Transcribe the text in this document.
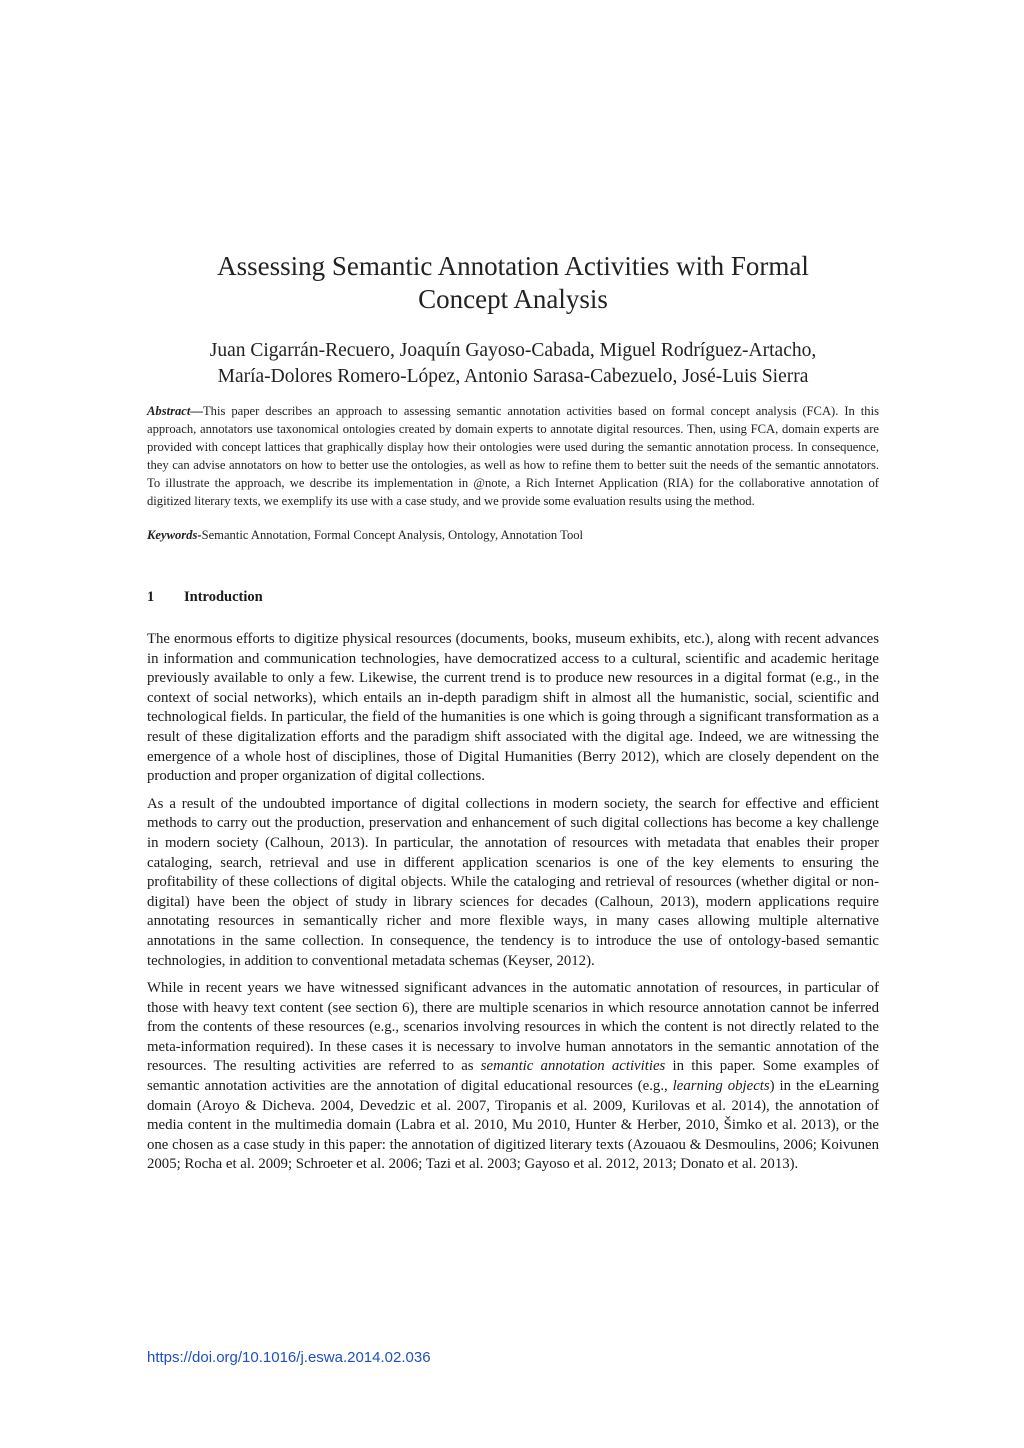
Assessing Semantic Annotation Activities with Formal
Concept Analysis
Juan Cigarrán-Recuero, Joaquín Gayoso-Cabada, Miguel Rodríguez-Artacho,
María-Dolores Romero-López, Antonio Sarasa-Cabezuelo, José-Luis Sierra

Abstract—This paper describes an approach to assessing semantic annotation activities based on formal concept analysis (FCA). In this approach, annotators use taxonomical ontologies created by domain experts to annotate digital resources. Then, using FCA, domain experts are provided with concept lattices that graphically display how their ontologies were used during the semantic annotation process. In consequence, they can advise annotators on how to better use the ontologies, as well as how to refine them to better suit the needs of the semantic annotators. To illustrate the approach, we describe its implementation in @note, a Rich Internet Application (RIA) for the collaborative annotation of digitized literary texts, we exemplify its use with a case study, and we provide some evaluation results using the method.

Keywords-Semantic Annotation, Formal Concept Analysis, Ontology, Annotation Tool

1 Introduction

The enormous efforts to digitize physical resources (documents, books, museum exhibits, etc.), along with recent advances in information and communication technologies, have democratized access to a cultural, scientific and academic heritage previously available to only a few. Likewise, the current trend is to produce new resources in a digital format (e.g., in the context of social networks), which entails an in-depth paradigm shift in almost all the humanistic, social, scientific and technological fields. In particular, the field of the humanities is one which is going through a significant transformation as a result of these digitalization efforts and the paradigm shift associated with the digital age. Indeed, we are witnessing the emergence of a whole host of disciplines, those of Digital Humanities (Berry 2012), which are closely dependent on the production and proper organization of digital collections.

As a result of the undoubted importance of digital collections in modern society, the search for effective and efficient methods to carry out the production, preservation and enhancement of such digital collections has become a key challenge in modern society (Calhoun, 2013). In particular, the annotation of resources with metadata that enables their proper cataloging, search, retrieval and use in different application scenarios is one of the key elements to ensuring the profitability of these collections of digital objects. While the cataloging and retrieval of resources (whether digital or non-digital) have been the object of study in library sciences for decades (Calhoun, 2013), modern applications require annotating resources in semantically richer and more flexible ways, in many cases allowing multiple alternative annotations in the same collection. In consequence, the tendency is to introduce the use of ontology-based semantic technologies, in addition to conventional metadata schemas (Keyser, 2012).

While in recent years we have witnessed significant advances in the automatic annotation of resources, in particular of those with heavy text content (see section 6), there are multiple scenarios in which resource annotation cannot be inferred from the contents of these resources (e.g., scenarios involving resources in which the content is not directly related to the meta-information required). In these cases it is necessary to involve human annotators in the semantic annotation of the resources. The resulting activities are referred to as semantic annotation activities in this paper. Some examples of semantic annotation activities are the annotation of digital educational resources (e.g., learning objects) in the eLearning domain (Aroyo & Dicheva. 2004, Devedzic et al. 2007, Tiropanis et al. 2009, Kurilovas et al. 2014), the annotation of media content in the multimedia domain (Labra et al. 2010, Mu 2010, Hunter & Herber, 2010, Šimko et al. 2013), or the one chosen as a case study in this paper: the annotation of digitized literary texts (Azouaou & Desmoulins, 2006; Koivunen 2005; Rocha et al. 2009; Schroeter et al. 2006; Tazi et al. 2003; Gayoso et al. 2012, 2013; Donato et al. 2013).

https://doi.org/10.1016/j.eswa.2014.02.036
